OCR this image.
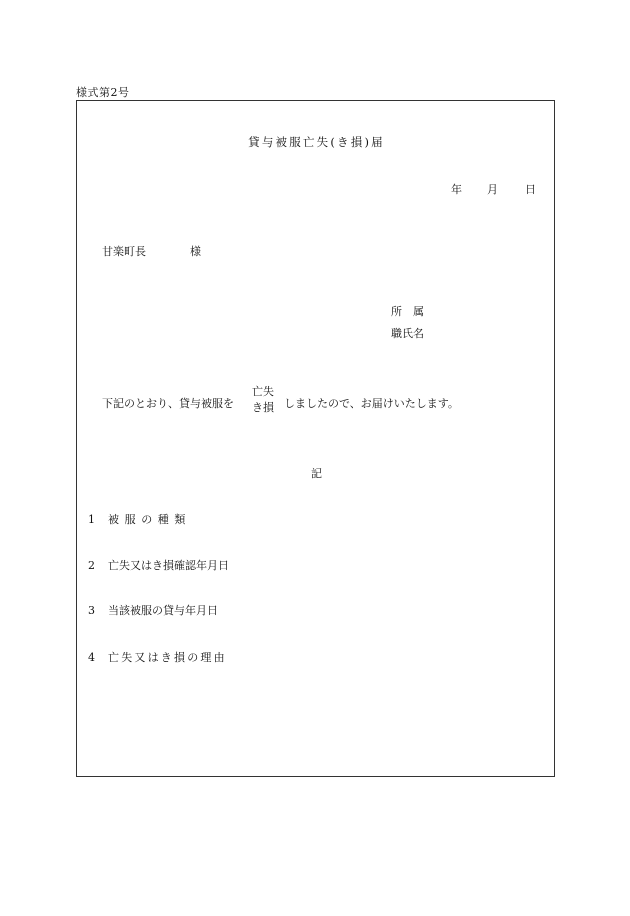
様式第2号
貸与被服亡失(き損)届
年 月 日
甘楽町長	様
所　属
職氏名
下記のとおり、貸与被服を
亡失
き損 しましたので、お届けいたします。
記
1 被服の種類
2 亡失又はき損確認年月日
3 当該被服の貸与年月日
4 亡失又はき損の理由
